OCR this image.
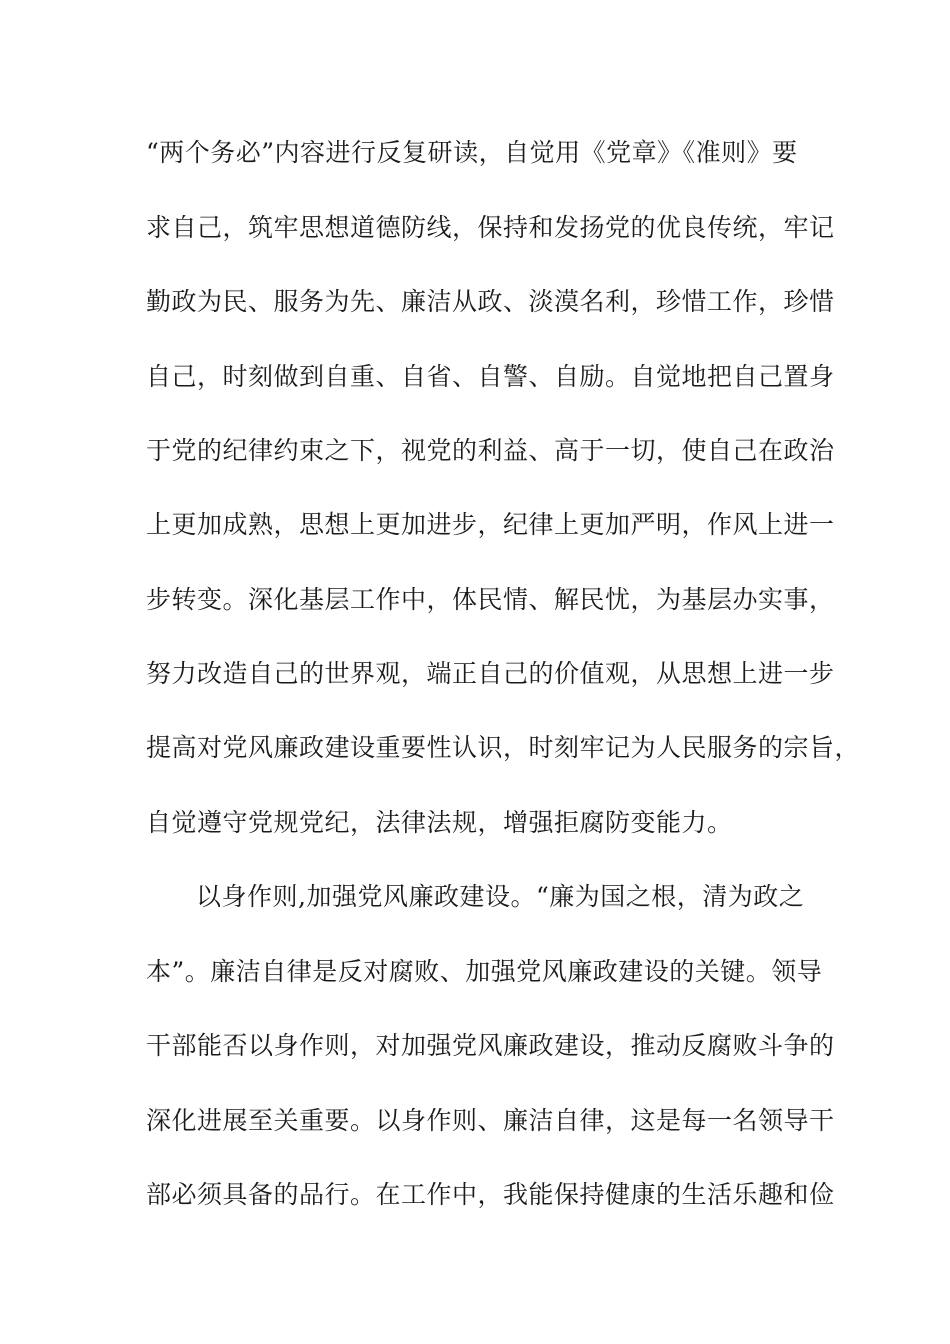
“两个务必”内容进行反复研读，自觉用《党章》《准则》要
求自己，筑牢思想道德防线，保持和发扬党的优良传统，牢记
勤政为民、服务为先、廉洁从政、淡漠名利，珍惜工作，珍惜
自己，时刻做到自重、自省、自警、自励。自觉地把自己置身
于党的纪律约束之下，视党的利益、高于一切，使自己在政治
上更加成熟，思想上更加进步，纪律上更加严明，作风上进一
步转变。深化基层工作中，体民情、解民忧，为基层办实事，
努力改造自己的世界观，端正自己的价值观，从思想上进一步
提高对党风廉政建设重要性认识，时刻牢记为人民服务的宗旨，
自觉遵守党规党纪，法律法规，增强拒腐防变能力。
以身作则,加强党风廉政建设。“廉为国之根，清为政之
本”。廉洁自律是反对腐败、加强党风廉政建设的关键。领导
干部能否以身作则，对加强党风廉政建设，推动反腐败斗争的
深化进展至关重要。以身作则、廉洁自律，这是每一名领导干
部必须具备的品行。在工作中，我能保持健康的生活乐趣和俭
